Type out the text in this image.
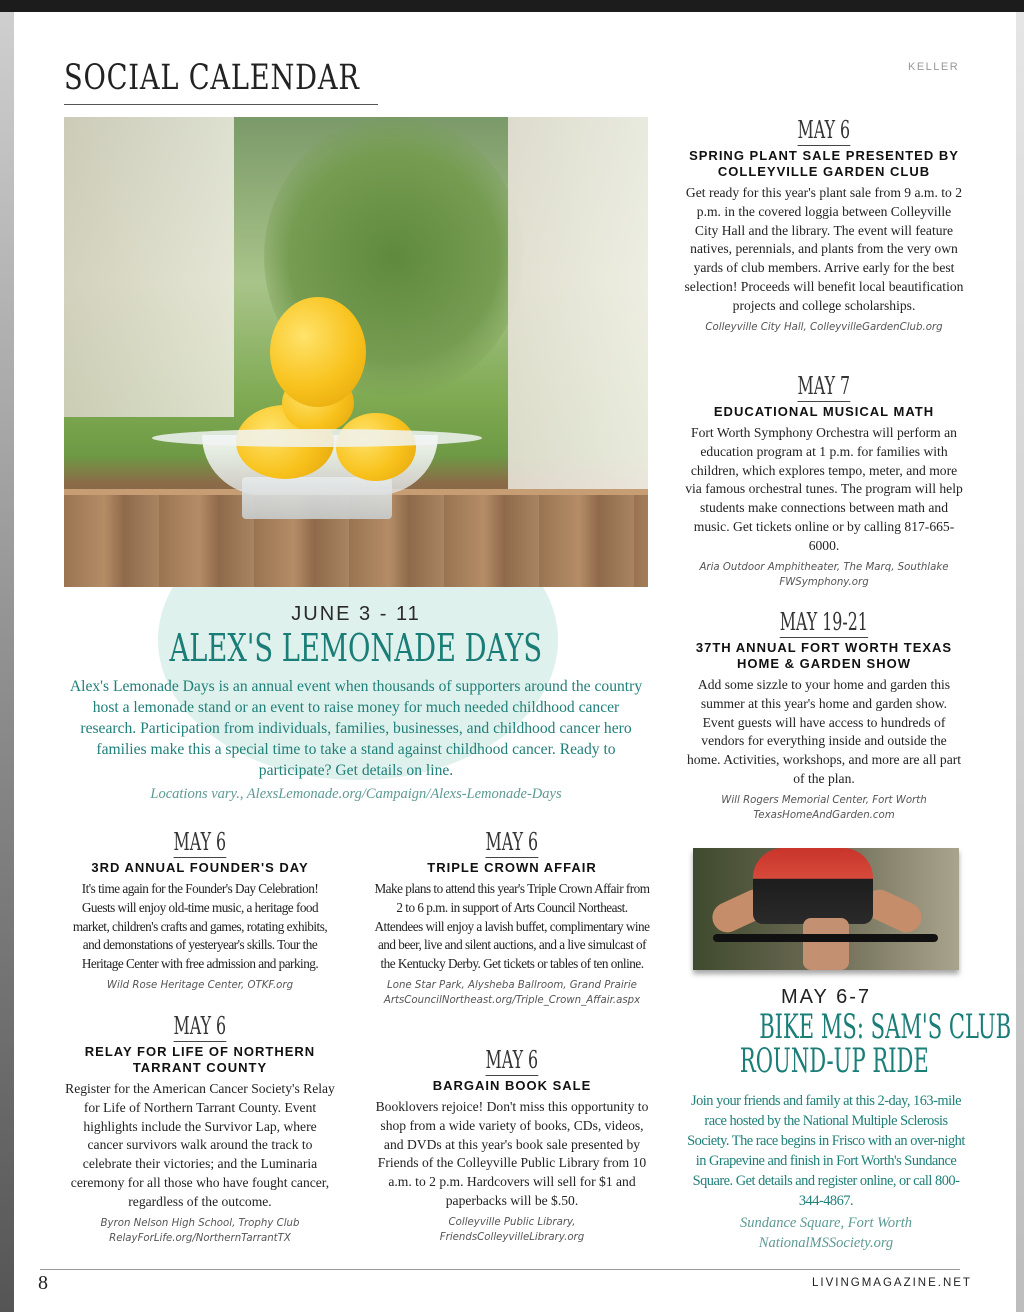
SOCIAL CALENDAR	KELLER
JUNE 3 - 11
ALEX'S LEMONADE DAYS
Alex's Lemonade Days is an annual event when thousands of supporters around the country host a lemonade stand or an event to raise money for much needed childhood cancer research. Participation from individuals, families, businesses, and childhood cancer hero families make this a special time to take a stand against childhood cancer. Ready to participate? Get details on line.
Locations vary., AlexsLemonade.org/Campaign/Alexs-Lemonade-Days
MAY 6
SPRING PLANT SALE PRESENTED BY COLLEYVILLE GARDEN CLUB
Get ready for this year's plant sale from 9 a.m. to 2 p.m. in the covered loggia between Colleyville City Hall and the library. The event will feature natives, perennials, and plants from the very own yards of club members. Arrive early for the best selection! Proceeds will benefit local beautification projects and college scholarships.
Colleyville City Hall, ColleyvilleGardenClub.org
MAY 7
EDUCATIONAL MUSICAL MATH
Fort Worth Symphony Orchestra will perform an education program at 1 p.m. for families with children, which explores tempo, meter, and more via famous orchestral tunes. The program will help students make connections between math and music. Get tickets online or by calling 817-665-6000.
Aria Outdoor Amphitheater, The Marq, Southlake
FWSymphony.org
MAY 19-21
37TH ANNUAL FORT WORTH TEXAS HOME & GARDEN SHOW
Add some sizzle to your home and garden this summer at this year's home and garden show. Event guests will have access to hundreds of vendors for everything inside and outside the home. Activities, workshops, and more are all part of the plan.
Will Rogers Memorial Center, Fort Worth
TexasHomeAndGarden.com
MAY 6
3RD ANNUAL FOUNDER'S DAY
It's time again for the Founder's Day Celebration! Guests will enjoy old-time music, a heritage food market, children's crafts and games, rotating exhibits, and demonstations of yesteryear's skills. Tour the Heritage Center with free admission and parking.
Wild Rose Heritage Center, OTKF.org
MAY 6
RELAY FOR LIFE OF NORTHERN TARRANT COUNTY
Register for the American Cancer Society's Relay for Life of Northern Tarrant County. Event highlights include the Survivor Lap, where cancer survivors walk around the track to celebrate their victories; and the Luminaria ceremony for all those who have fought cancer, regardless of the outcome.
Byron Nelson High School, Trophy Club
RelayForLife.org/NorthernTarrantTX
MAY 6
TRIPLE CROWN AFFAIR
Make plans to attend this year's Triple Crown Affair from 2 to 6 p.m. in support of Arts Council Northeast. Attendees will enjoy a lavish buffet, complimentary wine and beer, live and silent auctions, and a live simulcast of the Kentucky Derby. Get tickets or tables of ten online.
Lone Star Park, Alysheba Ballroom, Grand Prairie
ArtsCouncilNortheast.org/Triple_Crown_Affair.aspx
MAY 6
BARGAIN BOOK SALE
Booklovers rejoice! Don't miss this opportunity to shop from a wide variety of books, CDs, videos, and DVDs at this year's book sale presented by Friends of the Colleyville Public Library from 10 a.m. to 2 p.m. Hardcovers will sell for $1 and paperbacks will be $.50.
Colleyville Public Library,
FriendsColleyvilleLibrary.org
MAY 6-7
BIKE MS: SAM'S CLUB
ROUND-UP RIDE
Join your friends and family at this 2-day, 163-mile race hosted by the National Multiple Sclerosis Society. The race begins in Frisco with an over-night in Grapevine and finish in Fort Worth's Sundance Square. Get details and register online, or call 800-344-4867.
Sundance Square, Fort Worth
NationalMSSociety.org
8	LIVINGMAGAZINE.NET
